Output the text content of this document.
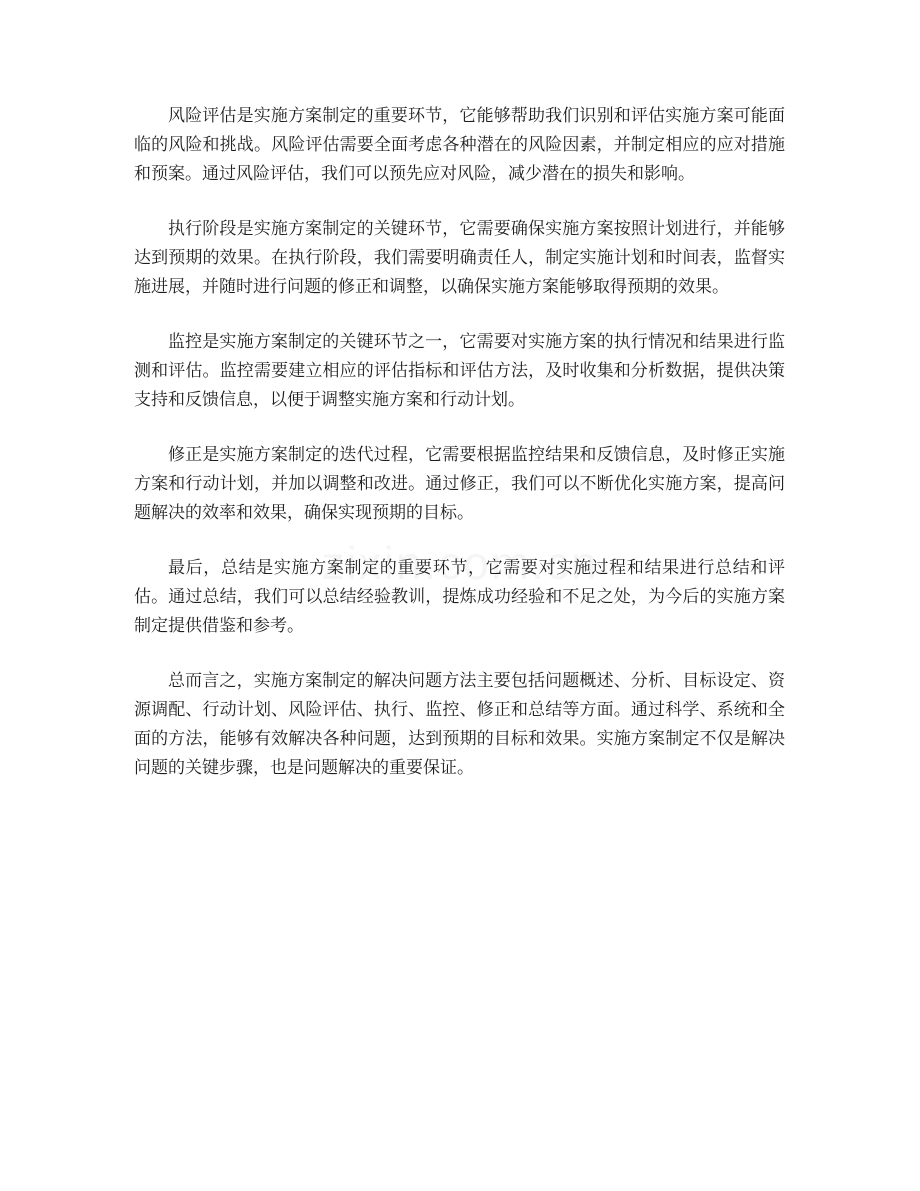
风险评估是实施方案制定的重要环节，它能够帮助我们识别和评估实施方案可能面临的风险和挑战。风险评估需要全面考虑各种潜在的风险因素，并制定相应的应对措施和预案。通过风险评估，我们可以预先应对风险，减少潜在的损失和影响。

执行阶段是实施方案制定的关键环节，它需要确保实施方案按照计划进行，并能够达到预期的效果。在执行阶段，我们需要明确责任人，制定实施计划和时间表，监督实施进展，并随时进行问题的修正和调整，以确保实施方案能够取得预期的效果。

监控是实施方案制定的关键环节之一，它需要对实施方案的执行情况和结果进行监测和评估。监控需要建立相应的评估指标和评估方法，及时收集和分析数据，提供决策支持和反馈信息，以便于调整实施方案和行动计划。

修正是实施方案制定的迭代过程，它需要根据监控结果和反馈信息，及时修正实施方案和行动计划，并加以调整和改进。通过修正，我们可以不断优化实施方案，提高问题解决的效率和效果，确保实现预期的目标。

最后，总结是实施方案制定的重要环节，它需要对实施过程和结果进行总结和评估。通过总结，我们可以总结经验教训，提炼成功经验和不足之处，为今后的实施方案制定提供借鉴和参考。

总而言之，实施方案制定的解决问题方法主要包括问题概述、分析、目标设定、资源调配、行动计划、风险评估、执行、监控、修正和总结等方面。通过科学、系统和全面的方法，能够有效解决各种问题，达到预期的目标和效果。实施方案制定不仅是解决问题的关键步骤，也是问题解决的重要保证。
